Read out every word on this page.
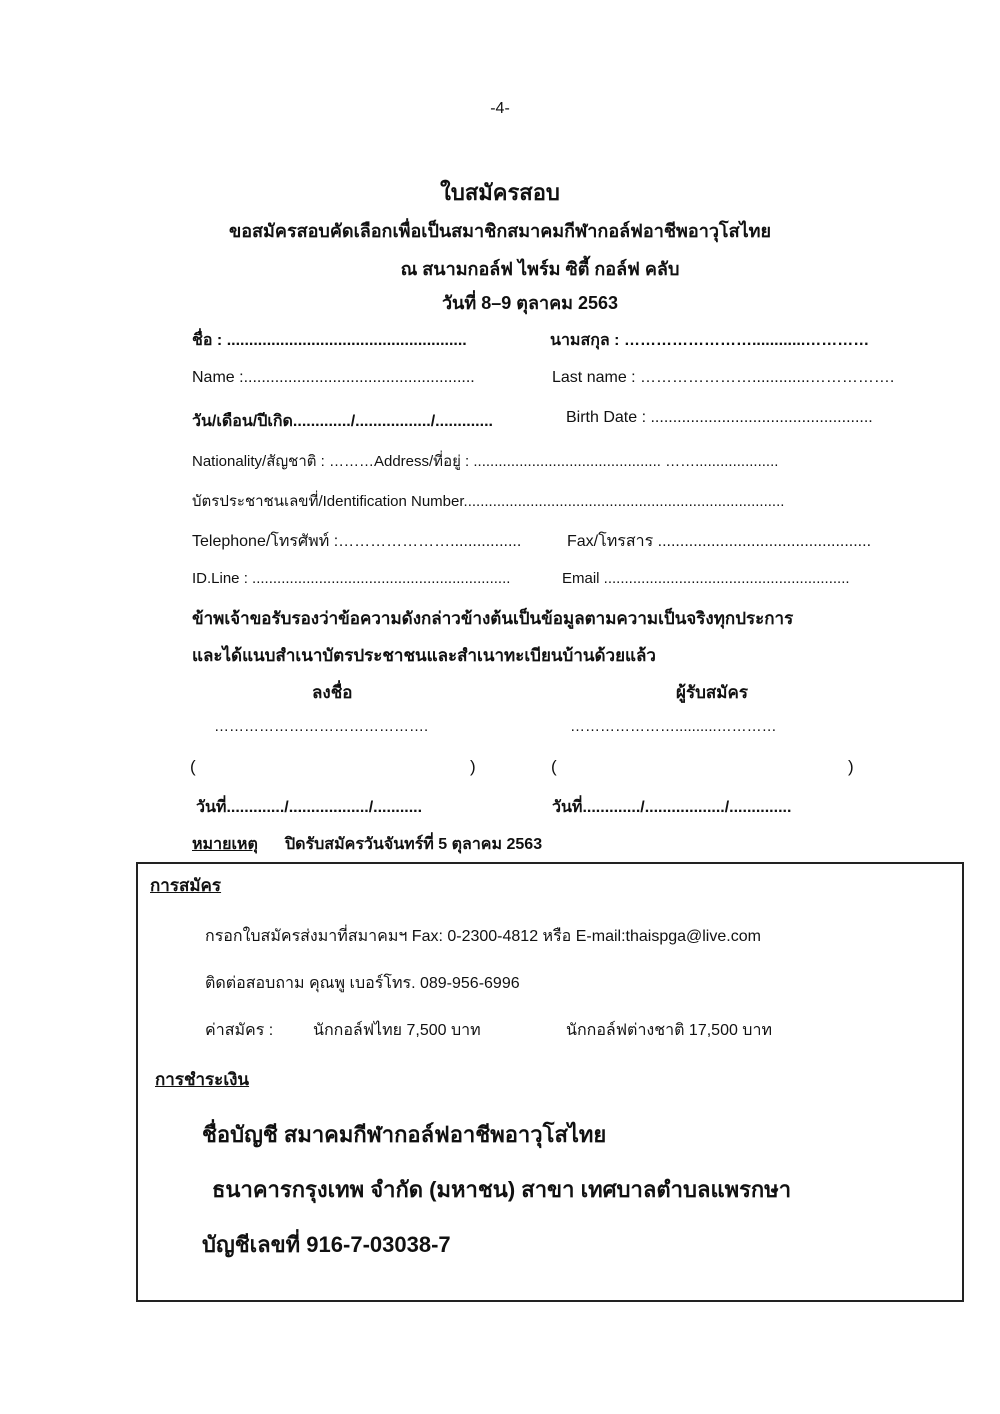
-4-
ใบสมัครสอบ
ขอสมัครสอบคัดเลือกเพื่อเป็นสมาชิกสมาคมกีฬากอล์ฟอาชีพอาวุโสไทย
ณ สนามกอล์ฟ ไพร์ม ซิตี้ กอล์ฟ คลับ
วันที่ 8–9 ตุลาคม 2563
ชื่อ : ......................................................	นามสกุล : ……………………............…………
Name :....................................................	Last name : ………………….............…………….
วัน/เดือน/ปีเกิด............./................./.............	Birth Date : ..................................................
Nationality/สัญชาติ : ………Address/ที่อยู่ : ............................................. ……....................
บัตรประชาชนเลขที่/Identification Number.............................................................................
Telephone/โทรศัพท์ :…………………................	Fax/โทรสาร ................................................
ID.Line : ..............................................................	Email ...........................................................
ข้าพเจ้าขอรับรองว่าข้อความดังกล่าวข้างต้นเป็นข้อมูลตามความเป็นจริงทุกประการ
และได้แนบสำเนาบัตรประชาชนและสำเนาทะเบียนบ้านด้วยแล้ว
ลงชื่อ	ผู้รับสมัคร
…………………………………….	…………………..........…………
(	)	(	)
วันที่............./................../...........	วันที่............./................../..............
หมายเหตุ ปิดรับสมัครวันจันทร์ที่ 5 ตุลาคม 2563
การสมัคร
กรอกใบสมัครส่งมาที่สมาคมฯ Fax: 0-2300-4812 หรือ E-mail:thaispga@live.com
ติดต่อสอบถาม คุณพู เบอร์โทร. 089-956-6996
ค่าสมัคร : นักกอล์ฟไทย 7,500 บาท	นักกอล์ฟต่างชาติ 17,500 บาท
การชำระเงิน
ชื่อบัญชี สมาคมกีฬากอล์ฟอาชีพอาวุโสไทย
ธนาคารกรุงเทพ จำกัด (มหาชน) สาขา เทศบาลตำบลแพรกษา
บัญชีเลขที่ 916-7-03038-7
